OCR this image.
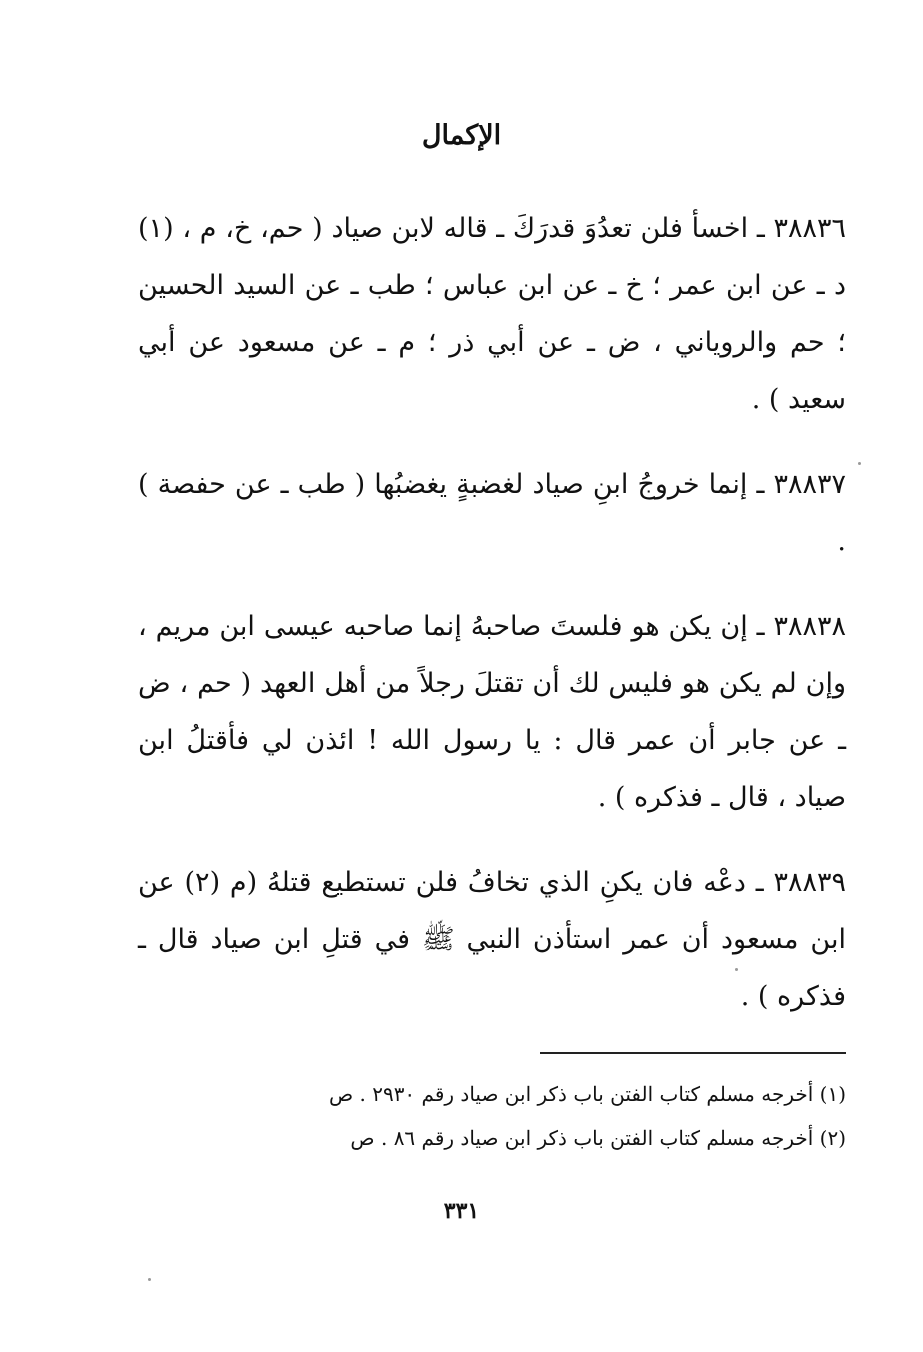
الإكمال

٣٨٨٣٦ ـ اخسأ فلن تعدُوَ قدرَكَ ـ قاله لابن صياد ( حم، خ، م ، (١) د ـ عن ابن عمر ؛ خ ـ عن ابن عباس ؛ طب ـ عن السيد الحسين ؛ حم والروياني ، ض ـ عن أبي ذر ؛ م ـ عن مسعود عن أبي سعيد ) .

٣٨٨٣٧ ـ إنما خروجُ ابنِ صياد لغضبةٍ يغضبُها ( طب ـ عن حفصة ) .

٣٨٨٣٨ ـ إن يكن هو فلستَ صاحبهُ إنما صاحبه عيسى ابن مريم ، وإن لم يكن هو فليس لك أن تقتلَ رجلاً من أهل العهد ( حم ، ض ـ عن جابر أن عمر قال : يا رسول الله ! ائذن لي فأقتلُ ابن صياد ، قال ـ فذكره ) .

٣٨٨٣٩ ـ دعْه فان يكنِ الذي تخافُ فلن تستطيع قتلهُ (م (٢) عن ابن مسعود أن عمر استأذن النبي ﷺ في قتلِ ابن صياد قال ـ فذكره ) .

(١) أخرجه مسلم كتاب الفتن باب ذكر ابن صياد رقم ٢٩٣٠ . ص

(٢) أخرجه مسلم كتاب الفتن باب ذكر ابن صياد رقم ٨٦ . ص

٣٣١
